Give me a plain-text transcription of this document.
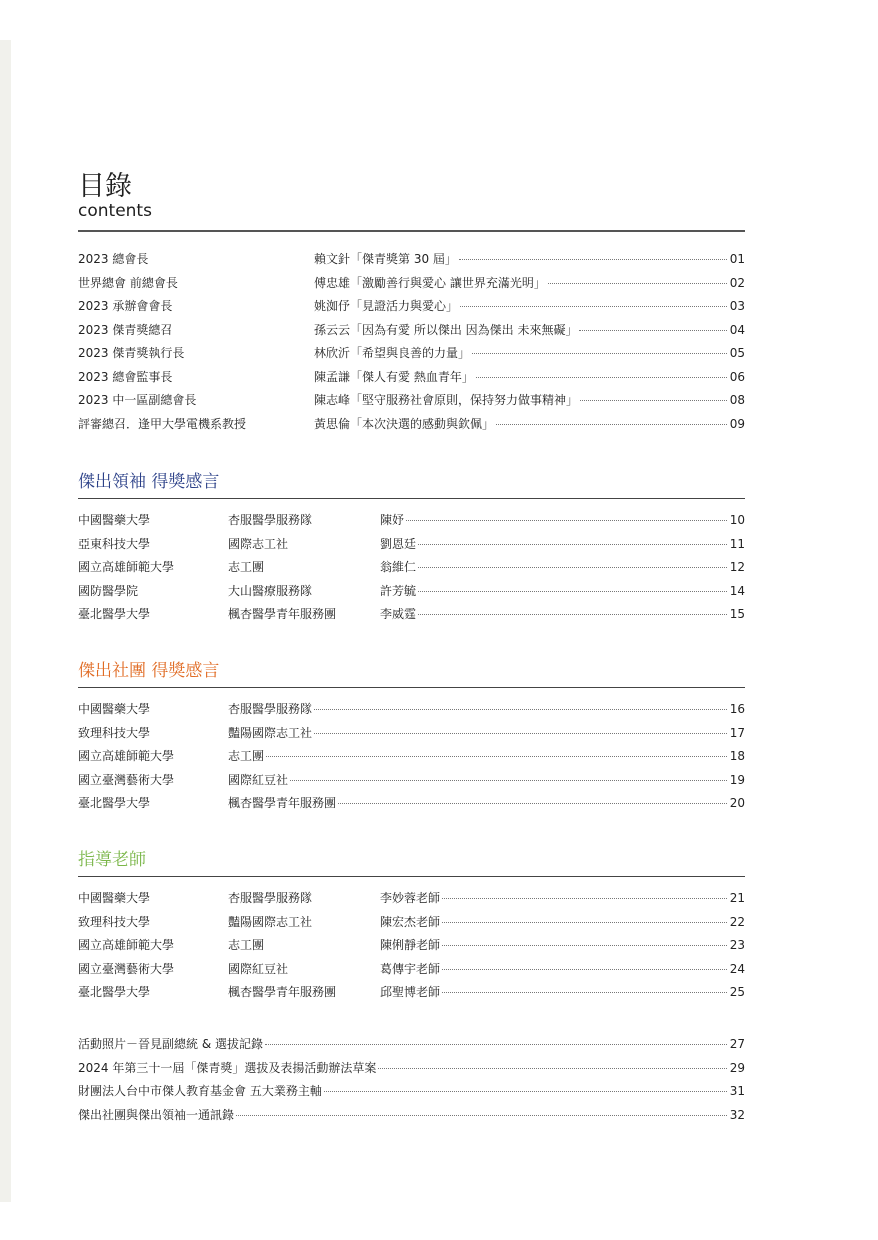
目錄
contents
2023 總會長	賴文針「傑青獎第 30 屆」	01
世界總會 前總會長	傅忠雄「激勵善行與愛心 讓世界充滿光明」	02
2023 承辦會會長	姚洳伃「見證活力與愛心」	03
2023 傑青獎總召	孫云云「因為有愛 所以傑出 因為傑出 未來無礙」	04
2023 傑青獎執行長	林欣沂「希望與良善的力量」	05
2023 總會監事長	陳孟謙「傑人有愛 熱血青年」	06
2023 中一區副總會長	陳志峰「堅守服務社會原則，保持努力做事精神」	08
評審總召．逢甲大學電機系教授	黃思倫「本次決選的感動與欽佩」	09
傑出領袖 得獎感言
中國醫藥大學	杏服醫學服務隊	陳妤	10
亞東科技大學	國際志工社	劉恩廷	11
國立高雄師範大學	志工團	翁維仁	12
國防醫學院	大山醫療服務隊	許芳毓	14
臺北醫學大學	楓杏醫學青年服務團	李威霆	15
傑出社團 得獎感言
中國醫藥大學	杏服醫學服務隊	16
致理科技大學	豔陽國際志工社	17
國立高雄師範大學	志工團	18
國立臺灣藝術大學	國際紅豆社	19
臺北醫學大學	楓杏醫學青年服務團	20
指導老師
中國醫藥大學	杏服醫學服務隊	李妙蓉老師	21
致理科技大學	豔陽國際志工社	陳宏杰老師	22
國立高雄師範大學	志工團	陳俐靜老師	23
國立臺灣藝術大學	國際紅豆社	葛傳宇老師	24
臺北醫學大學	楓杏醫學青年服務團	邱聖博老師	25
活動照片－晉見副總統 & 選拔記錄	27
2024 年第三十一屆「傑青獎」選拔及表揚活動辦法草案	29
財團法人台中市傑人教育基金會 五大業務主軸	31
傑出社團與傑出領袖一通訊錄	32
